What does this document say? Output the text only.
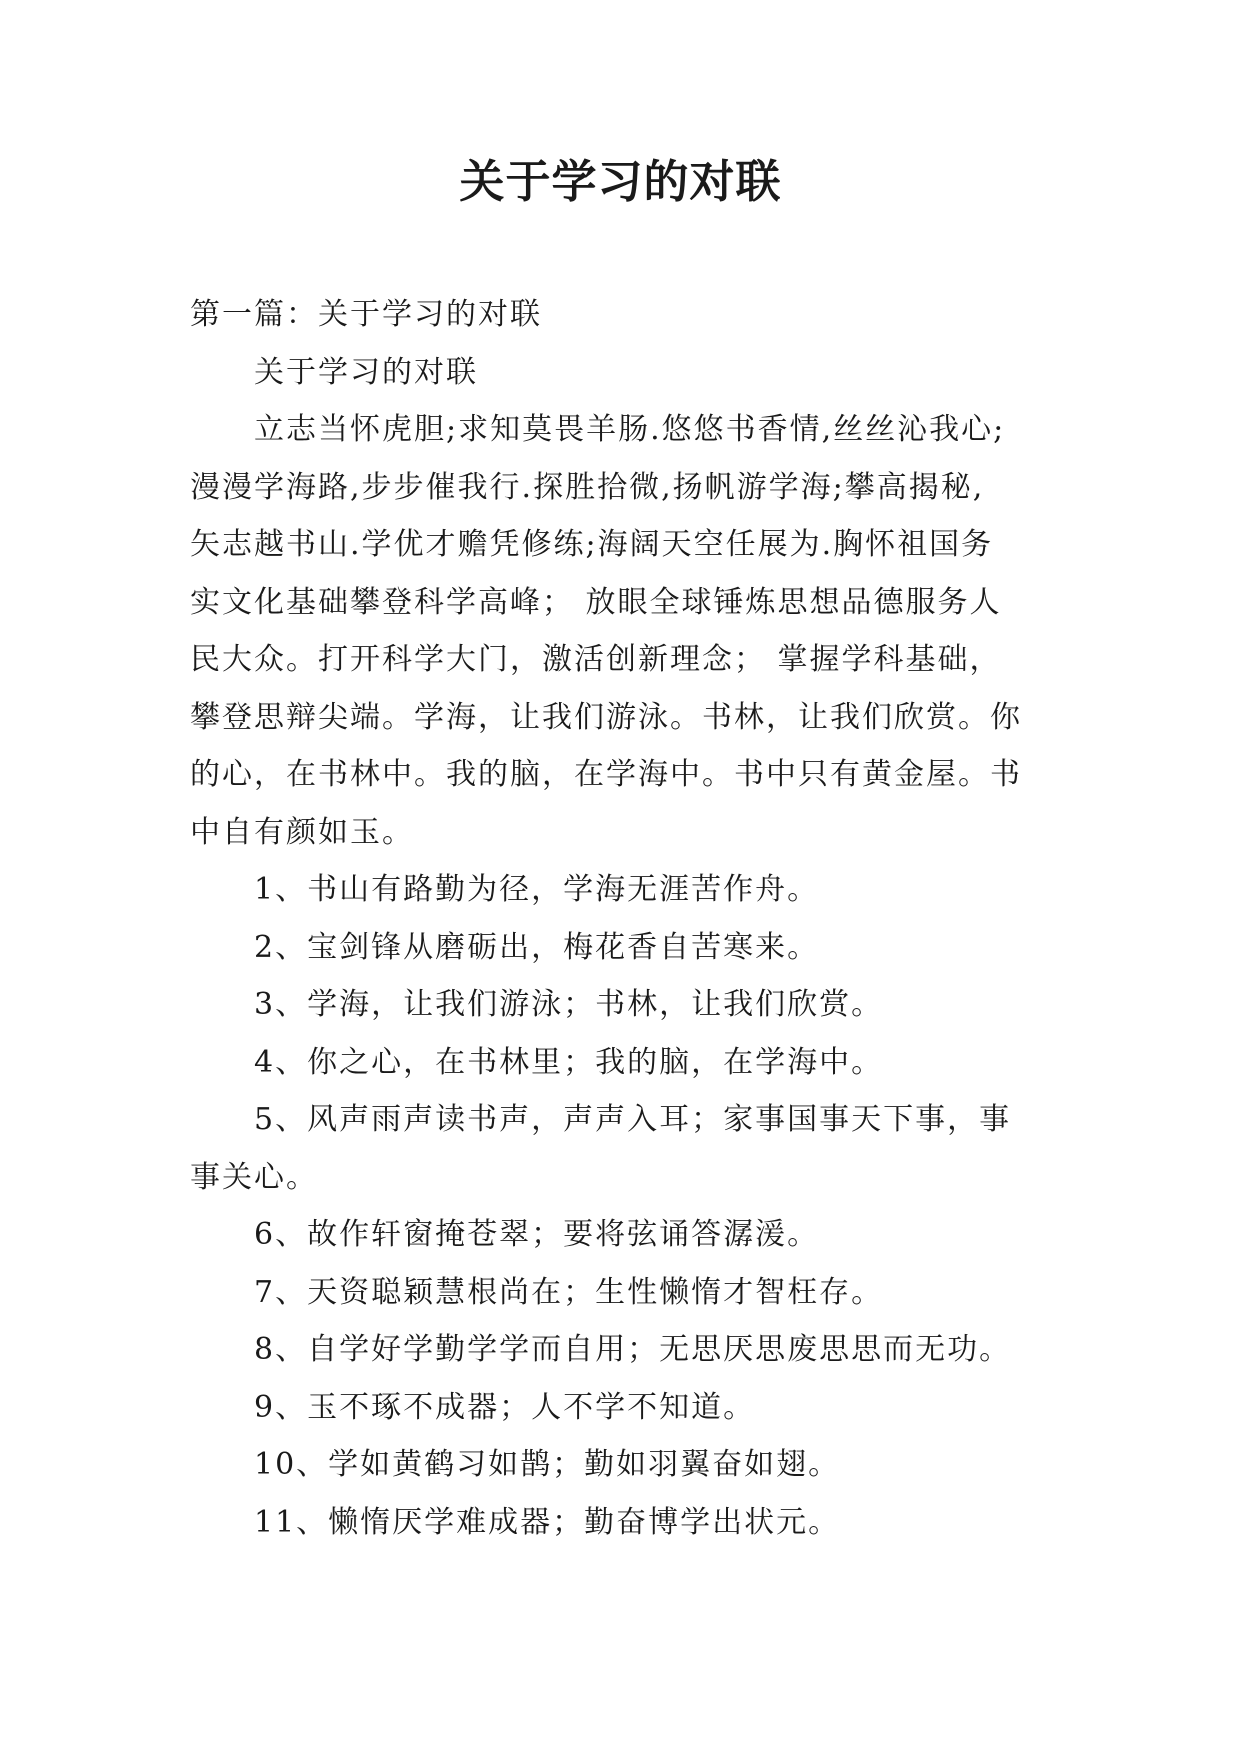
关于学习的对联

第一篇：关于学习的对联

关于学习的对联

立志当怀虎胆;求知莫畏羊肠.悠悠书香情,丝丝沁我心;

漫漫学海路,步步催我行.探胜拾微,扬帆游学海;攀高揭秘,

矢志越书山.学优才赡凭修练;海阔天空任展为.胸怀祖国务

实文化基础攀登科学高峰； 放眼全球锤炼思想品德服务人

民大众。打开科学大门，激活创新理念； 掌握学科基础，

攀登思辩尖端。学海，让我们游泳。书林，让我们欣赏。你

的心，在书林中。我的脑，在学海中。书中只有黄金屋。书

中自有颜如玉。

1、书山有路勤为径，学海无涯苦作舟。

2、宝剑锋从磨砺出，梅花香自苦寒来。

3、学海，让我们游泳；书林，让我们欣赏。

4、你之心，在书林里；我的脑，在学海中。

5、风声雨声读书声，声声入耳；家事国事天下事，事

事关心。

6、故作轩窗掩苍翠；要将弦诵答潺湲。

7、天资聪颖慧根尚在；生性懒惰才智枉存。

8、自学好学勤学学而自用；无思厌思废思思而无功。

9、玉不琢不成器；人不学不知道。

10、学如黄鹤习如鹊；勤如羽翼奋如翅。

11、懒惰厌学难成器；勤奋博学出状元。
